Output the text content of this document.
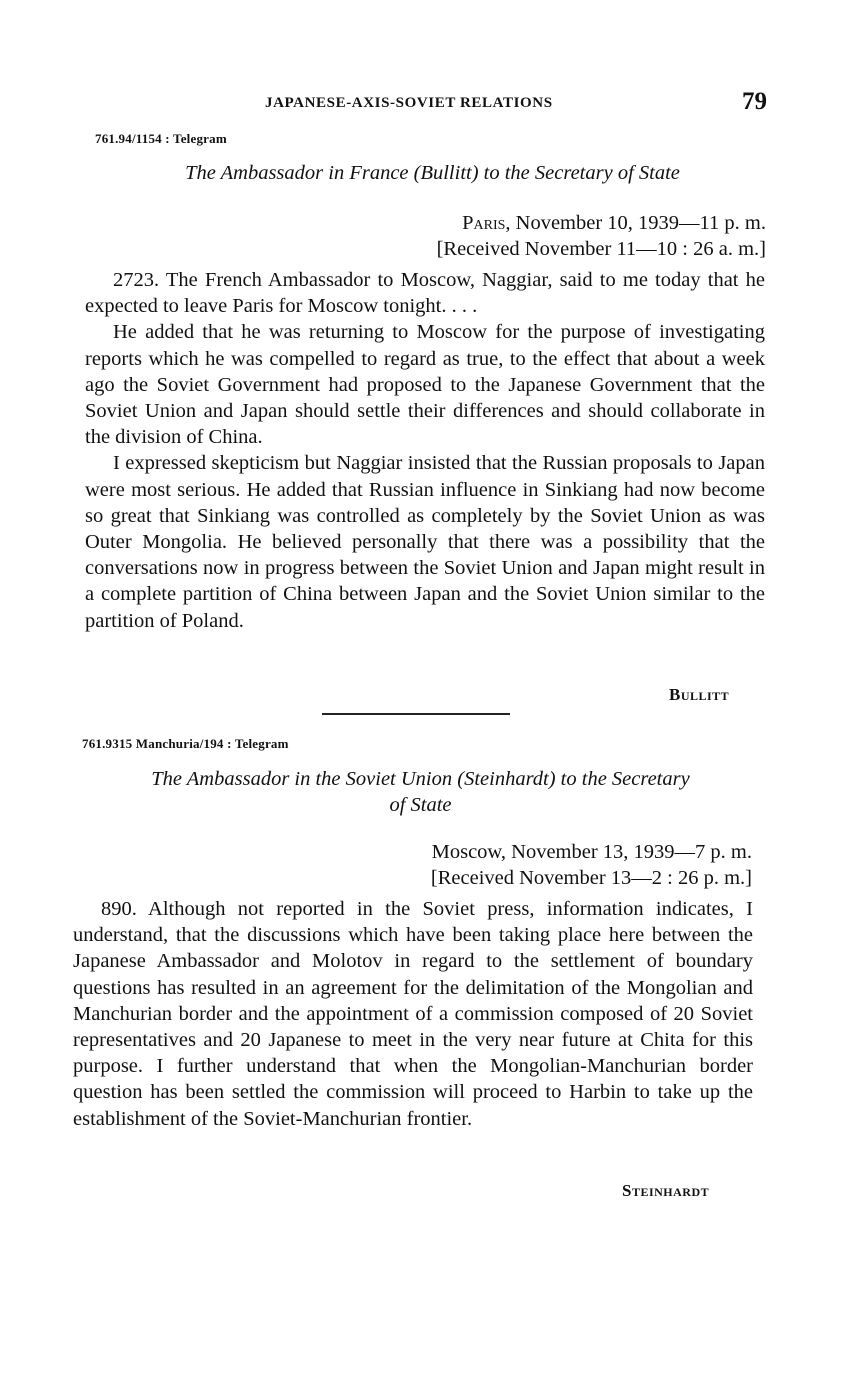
JAPANESE-AXIS-SOVIET RELATIONS	79
761.94/1154 : Telegram
The Ambassador in France (Bullitt) to the Secretary of State
Paris, November 10, 1939—11 p. m.
[Received November 11—10 : 26 a. m.]

2723. The French Ambassador to Moscow, Naggiar, said to me today that he expected to leave Paris for Moscow tonight. . . .

He added that he was returning to Moscow for the purpose of investigating reports which he was compelled to regard as true, to the effect that about a week ago the Soviet Government had proposed to the Japanese Government that the Soviet Union and Japan should settle their differences and should collaborate in the division of China.

I expressed skepticism but Naggiar insisted that the Russian proposals to Japan were most serious. He added that Russian influence in Sinkiang had now become so great that Sinkiang was controlled as completely by the Soviet Union as was Outer Mongolia. He believed personally that there was a possibility that the conversations now in progress between the Soviet Union and Japan might result in a complete partition of China between Japan and the Soviet Union similar to the partition of Poland.

Bullitt
761.9315 Manchuria/194 : Telegram
The Ambassador in the Soviet Union (Steinhardt) to the Secretary
of State
Moscow, November 13, 1939—7 p. m.
[Received November 13—2 : 26 p. m.]

890. Although not reported in the Soviet press, information indicates, I understand, that the discussions which have been taking place here between the Japanese Ambassador and Molotov in regard to the settlement of boundary questions has resulted in an agreement for the delimitation of the Mongolian and Manchurian border and the appointment of a commission composed of 20 Soviet representatives and 20 Japanese to meet in the very near future at Chita for this purpose. I further understand that when the Mongolian-Manchurian border question has been settled the commission will proceed to Harbin to take up the establishment of the Soviet-Manchurian frontier.

Steinhardt
